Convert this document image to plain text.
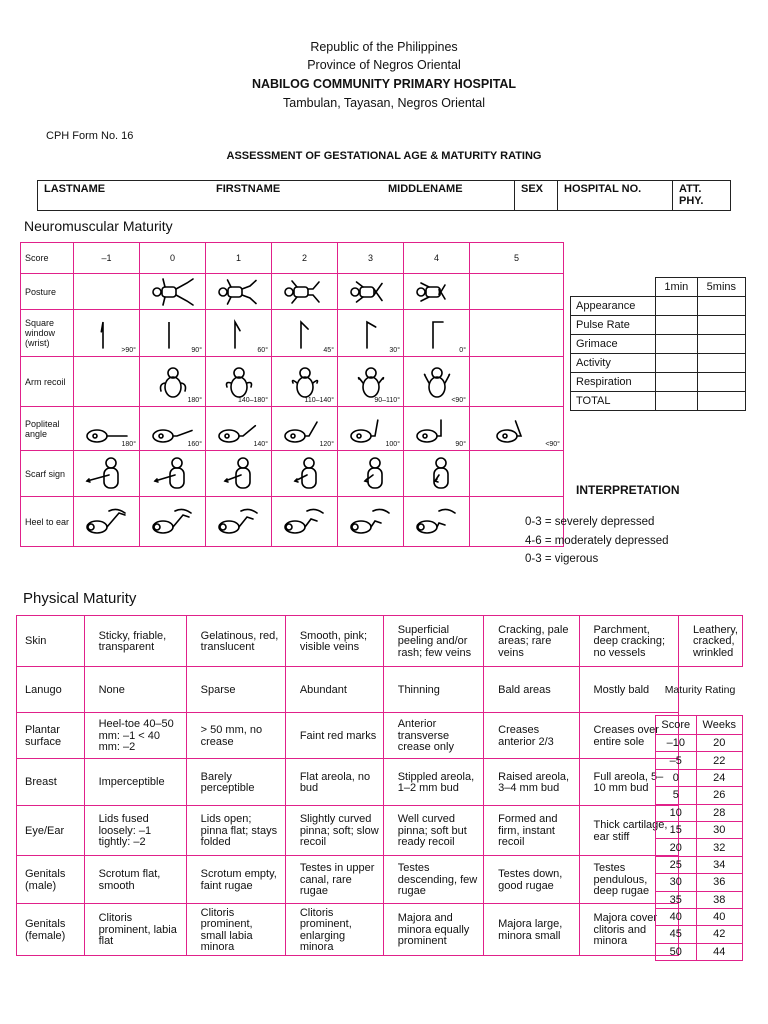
Republic of the Philippines
Province of Negros Oriental
NABILOG COMMUNITY PRIMARY HOSPITAL
Tambulan, Tayasan, Negros Oriental
CPH Form No. 16
ASSESSMENT OF GESTATIONAL AGE & MATURITY RATING
LASTNAME	FIRSTNAME	MIDDLENAME	SEX	HOSPITAL NO.	ATT. PHY.
Neuromuscular Maturity
Score	–1	0	1	2	3	4	5
Posture	

Square window (wrist)	>90°	90°	60°	45°	30°	0°	

Arm recoil		180°	140–180°	110–140°	90–110°	<90°	

Popliteal angle	180°	160°	140°	120°	100°	90°	<90°

Scarf sign	

Heel to ear	

	1min	5mins
Appearance		
Pulse Rate		
Grimace		
Activity		
Respiration		
TOTAL		
INTERPRETATION
0-3 = severely depressed
4-6 = moderately depressed
0-3 = vigerous
Physical Maturity
Skin	Sticky, friable, transparent	Gelatinous, red, translucent	Smooth, pink; visible veins	Superficial peeling and/or rash; few veins	Cracking, pale areas; rare veins	Parchment, deep cracking; no vessels	Leathery, cracked, wrinkled
Lanugo	None	Sparse	Abundant	Thinning	Bald areas	Mostly bald	
Plantar surface	Heel-toe 40–50 mm: –1 < 40 mm: –2	> 50 mm, no crease	Faint red marks	Anterior transverse crease only	Creases anterior 2/3	Creases over entire sole	
Breast	Imperceptible	Barely perceptible	Flat areola, no bud	Stippled areola, 1–2 mm bud	Raised areola, 3–4 mm bud	Full areola, 5–10 mm bud	
Eye/Ear	Lids fused loosely: –1 tightly: –2	Lids open; pinna flat; stays folded	Slightly curved pinna; soft; slow recoil	Well curved pinna; soft but ready recoil	Formed and firm, instant recoil	Thick cartilage, ear stiff	
Genitals (male)	Scrotum flat, smooth	Scrotum empty, faint rugae	Testes in upper canal, rare rugae	Testes descending, few rugae	Testes down, good rugae	Testes pendulous, deep rugae	
Genitals (female)	Clitoris prominent, labia flat	Clitoris prominent, small labia minora	Clitoris prominent, enlarging minora	Majora and minora equally prominent	Majora large, minora small	Majora cover clitoris and minora	
Maturity Rating
Score	Weeks
–10	20
–5	22
0	24
5	26
10	28
15	30
20	32
25	34
30	36
35	38
40	40
45	42
50	44
